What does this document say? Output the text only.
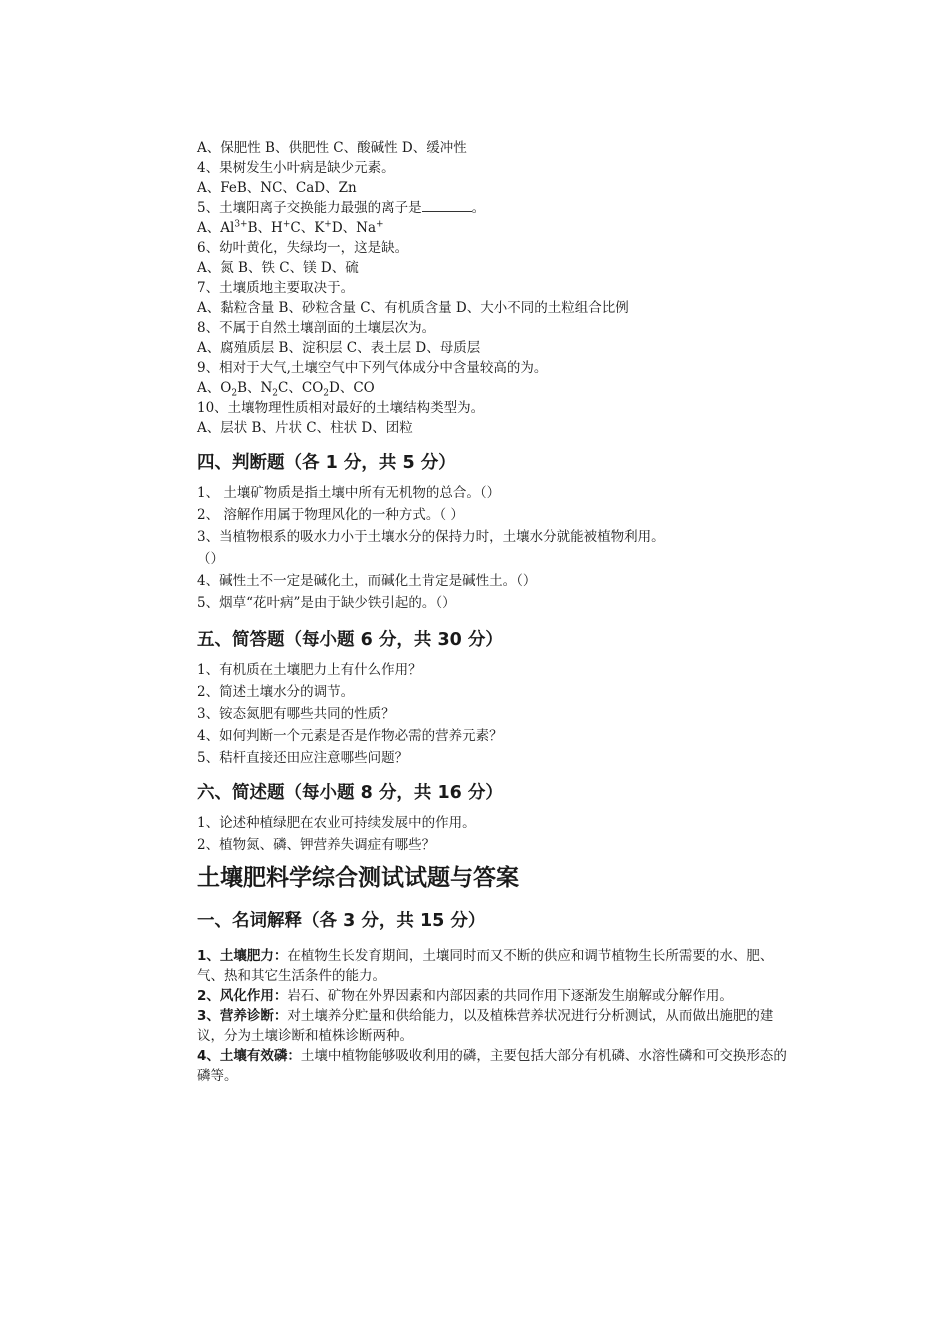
A、保肥性 B、供肥性 C、酸碱性 D、缓冲性
4、果树发生小叶病是缺少元素。
A、FeB、NC、CaD、Zn
5、土壤阳离子交换能力最强的离子是	。
A、$Al^{3+}B$、H+C、K+D、Na+
6、幼叶黄化，失绿均一，这是缺。
A、氮 B、铁 C、镁 D、硫
7、土壤质地主要取决于。
A、黏粒含量 B、砂粒含量 C、有机质含量 D、大小不同的土粒组合比例
8、不属于自然土壤剖面的土壤层次为。
A、腐殖质层 B、淀积层 C、表土层 D、母质层
9、相对于大气,土壤空气中下列气体成分中含量较高的为。
A、$O_2B$、$N_2C$、$CO_2D$、CO
10、土壤物理性质相对最好的土壤结构类型为。
A、层状 B、片状 C、柱状 D、团粒
四、判断题（各 1 分，共 5 分）
1、 土壤矿物质是指土壤中所有无机物的总合。（）
2、 溶解作用属于物理风化的一种方式。（ ）
3、当植物根系的吸水力小于土壤水分的保持力时，土壤水分就能被植物利用。
（）
4、碱性土不一定是碱化土，而碱化土肯定是碱性土。（）
5、烟草“花叶病”是由于缺少铁引起的。（）
五、简答题（每小题 6 分，共 30 分）
1、有机质在土壤肥力上有什么作用？
2、简述土壤水分的调节。
3、铵态氮肥有哪些共同的性质？
4、如何判断一个元素是否是作物必需的营养元素？
5、秸杆直接还田应注意哪些问题？
六、简述题（每小题 8 分，共 16 分）
1、论述种植绿肥在农业可持续发展中的作用。
2、植物氮、磷、钾营养失调症有哪些？
土壤肥料学综合测试试题与答案
一、名词解释（各 3 分，共 15 分）
1、土壤肥力：在植物生长发育期间，土壤同时而又不断的供应和调节植物生长所需要的水、肥、气、热和其它生活条件的能力。
2、风化作用：岩石、矿物在外界因素和内部因素的共同作用下逐渐发生崩解或分解作用。
3、营养诊断：对土壤养分贮量和供给能力，以及植株营养状况进行分析测试，从而做出施肥的建议，分为土壤诊断和植株诊断两种。
4、土壤有效磷：土壤中植物能够吸收利用的磷，主要包括大部分有机磷、水溶性磷和可交换形态的磷等。
